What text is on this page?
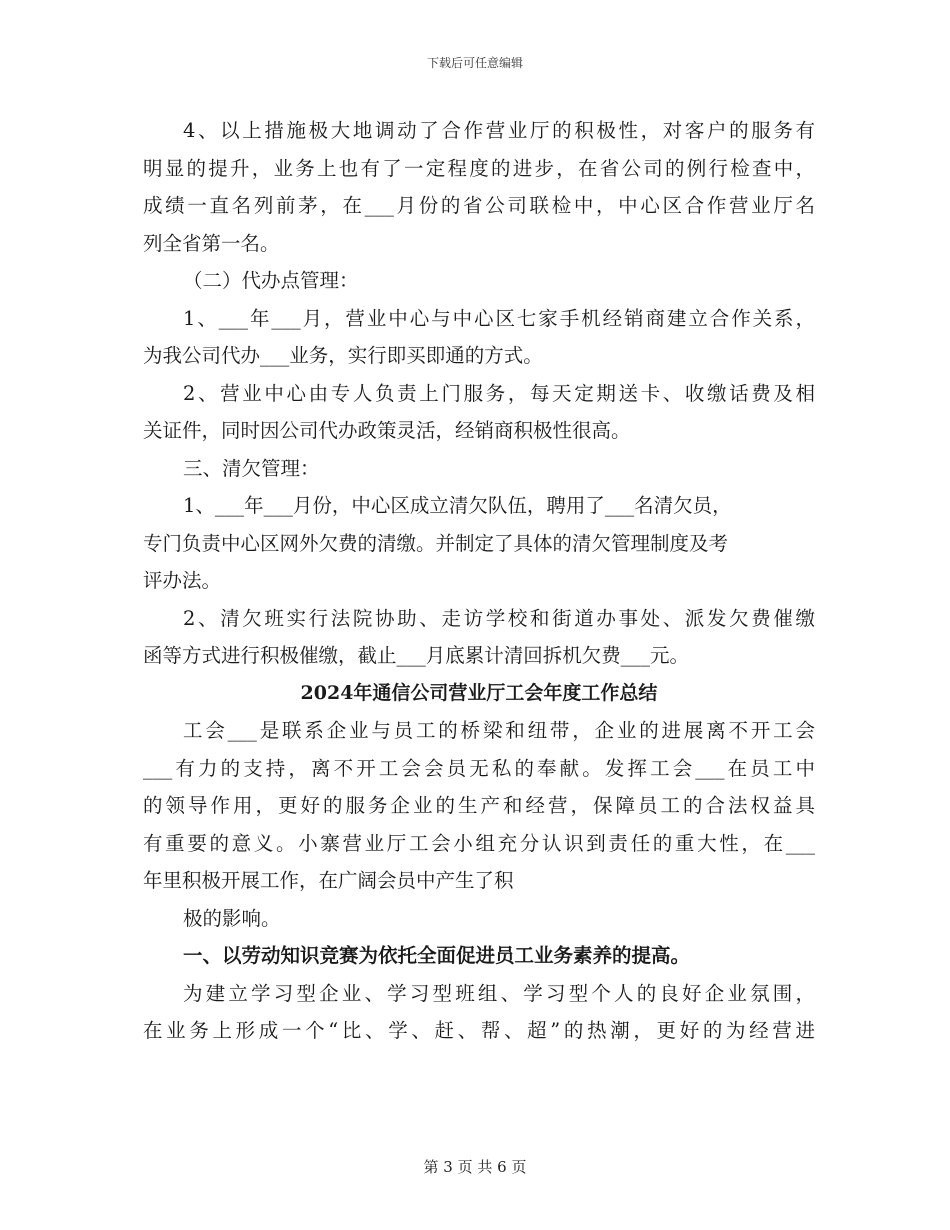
下载后可任意编辑
4、以上措施极大地调动了合作营业厅的积极性，对客户的服务有
明显的提升，业务上也有了一定程度的进步，在省公司的例行检查中，
成绩一直名列前茅，在___月份的省公司联检中，中心区合作营业厅名
列全省第一名。
（二）代办点管理：
1、___年___月，营业中心与中心区七家手机经销商建立合作关系，
为我公司代办___业务，实行即买即通的方式。
2、营业中心由专人负责上门服务，每天定期送卡、收缴话费及相
关证件，同时因公司代办政策灵活，经销商积极性很高。
三、清欠管理：
1、___年___月份，中心区成立清欠队伍，聘用了___名清欠员，
专门负责中心区网外欠费的清缴。并制定了具体的清欠管理制度及考
评办法。
2、清欠班实行法院协助、走访学校和街道办事处、派发欠费催缴
函等方式进行积极催缴，截止___月底累计清回拆机欠费___元。
2024年通信公司营业厅工会年度工作总结
工会___是联系企业与员工的桥梁和纽带，企业的进展离不开工会
___有力的支持，离不开工会会员无私的奉献。发挥工会___在员工中
的领导作用，更好的服务企业的生产和经营，保障员工的合法权益具
有重要的意义。小寨营业厅工会小组充分认识到责任的重大性，在___
年里积极开展工作，在广阔会员中产生了积
极的影响。
一、以劳动知识竞赛为依托全面促进员工业务素养的提高。
为建立学习型企业、学习型班组、学习型个人的良好企业氛围，
在业务上形成一个“比、学、赶、帮、超”的热潮，更好的为经营进
第 3 页 共 6 页
